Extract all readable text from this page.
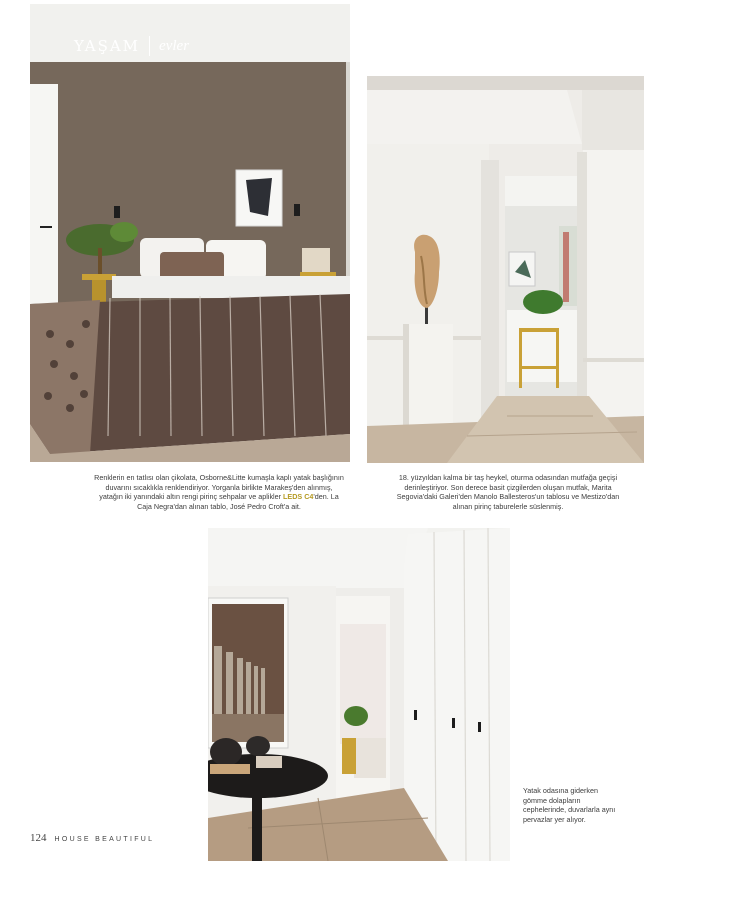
YAŞAM evler

Renklerin en tatlısı olan çikolata, Osborne&Litte kumaşla kaplı yatak başlığının

duvarını sıcaklıkla renklendiriyor. Yorganla birlikte Marakeş'den alınmış,

yatağın iki yanındaki altın rengi pirinç sehpalar ve aplikler LEDS C4'den. La

Caja Negra'dan alınan tablo, José Pedro Croft'a ait.

18. yüzyıldan kalma bir taş heykel, oturma odasından mutfağa geçişi

derinleştiriyor. Son derece basit çizgilerden oluşan mutfak, Marita

Segovia'daki Galeri'den Manolo Ballesteros'un tablosu ve Mestizo'dan

alınan pirinç taburelerle süslenmiş.

Yatak odasına giderken

gömme dolapların

cephelerinde, duvarlarla aynı

pervazlar yer alıyor.

124 HOUSE BEAUTIFUL
